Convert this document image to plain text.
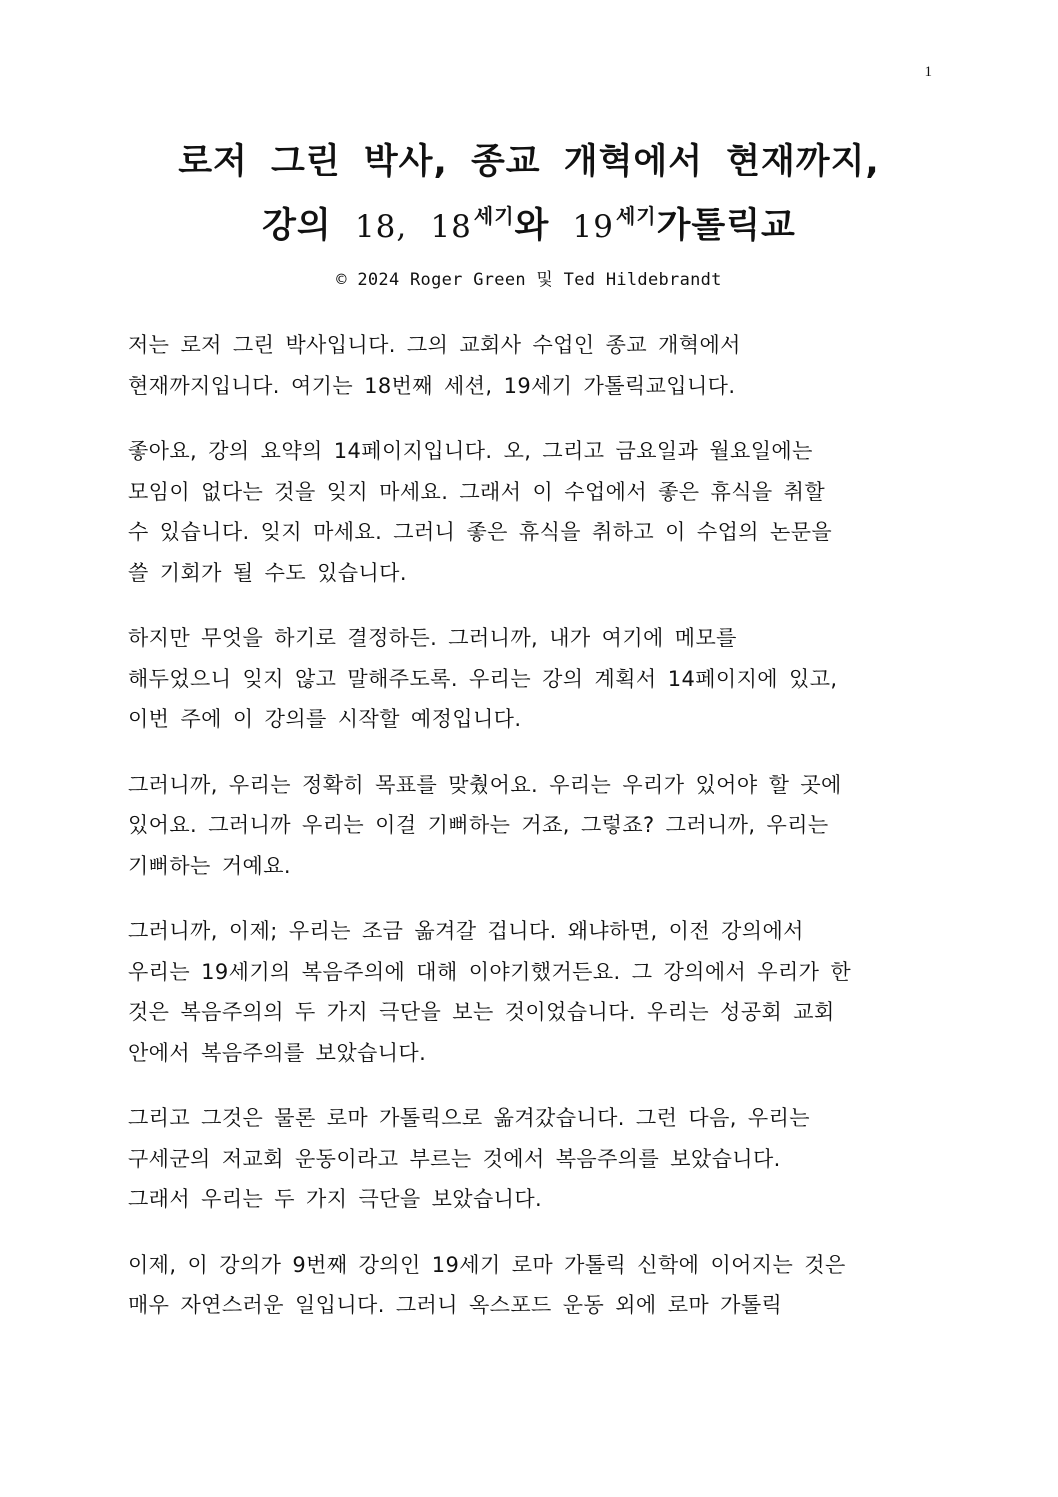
1
로저 그린 박사, 종교 개혁에서 현재까지,
강의 18, 18 $^{세기}$와 19 $^{세기}$가톨릭교
© 2024 Roger Green 및 Ted Hildebrandt

저는 로저 그린 박사입니다. 그의 교회사 수업인 종교 개혁에서
현재까지입니다. 여기는 18번째 세션, 19세기 가톨릭교입니다.

좋아요, 강의 요약의 14페이지입니다. 오, 그리고 금요일과 월요일에는
모임이 없다는 것을 잊지 마세요. 그래서 이 수업에서 좋은 휴식을 취할
수 있습니다. 잊지 마세요. 그러니 좋은 휴식을 취하고 이 수업의 논문을
쓸 기회가 될 수도 있습니다.

하지만 무엇을 하기로 결정하든. 그러니까, 내가 여기에 메모를
해두었으니 잊지 않고 말해주도록. 우리는 강의 계획서 14페이지에 있고,
이번 주에 이 강의를 시작할 예정입니다.

그러니까, 우리는 정확히 목표를 맞췄어요. 우리는 우리가 있어야 할 곳에
있어요. 그러니까 우리는 이걸 기뻐하는 거죠, 그렇죠? 그러니까, 우리는
기뻐하는 거예요.

그러니까, 이제; 우리는 조금 옮겨갈 겁니다. 왜냐하면, 이전 강의에서
우리는 19세기의 복음주의에 대해 이야기했거든요. 그 강의에서 우리가 한
것은 복음주의의 두 가지 극단을 보는 것이었습니다. 우리는 성공회 교회
안에서 복음주의를 보았습니다.

그리고 그것은 물론 로마 가톨릭으로 옮겨갔습니다. 그런 다음, 우리는
구세군의 저교회 운동이라고 부르는 것에서 복음주의를 보았습니다.
그래서 우리는 두 가지 극단을 보았습니다.

이제, 이 강의가 9번째 강의인 19세기 로마 가톨릭 신학에 이어지는 것은
매우 자연스러운 일입니다. 그러니 옥스포드 운동 외에 로마 가톨릭
